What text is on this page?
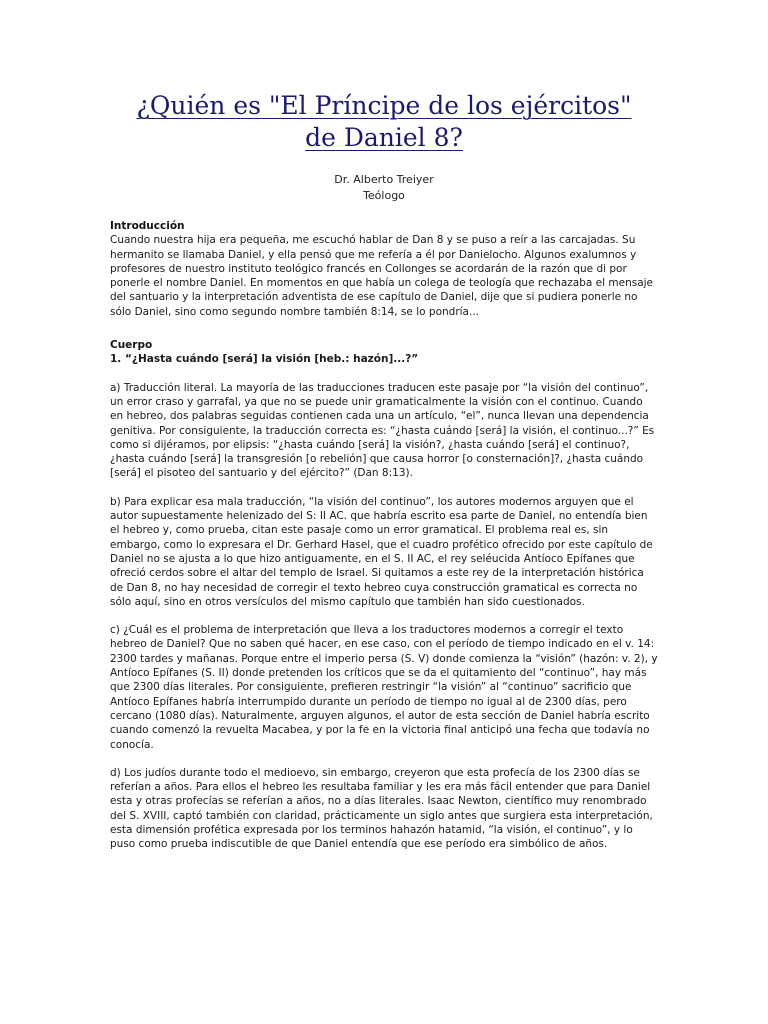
¿Quién es "El Príncipe de los ejércitos"
de Daniel 8?
Dr. Alberto Treiyer
Teólogo
Introducción
Cuando nuestra hija era pequeña, me escuchó hablar de Dan 8 y se puso a reír a las carcajadas. Su hermanito se llamaba Daniel, y ella pensó que me refería a él por Danielocho. Algunos exalumnos y profesores de nuestro instituto teológico francés en Collonges se acordarán de la razón que di por ponerle el nombre Daniel. En momentos en que había un colega de teología que rechazaba el mensaje del santuario y la interpretación adventista de ese capítulo de Daniel, dije que si pudiera ponerle no sólo Daniel, sino como segundo nombre también 8:14, se lo pondría...
Cuerpo
1. “¿Hasta cuándo [será] la visión [heb.: hazón]...?”

a) Traducción literal. La mayoría de las traducciones traducen este pasaje por “la visión del continuo”, un error craso y garrafal, ya que no se puede unir gramaticalmente la visión con el continuo. Cuando en hebreo, dos palabras seguidas contienen cada una un artículo, “el”, nunca llevan una dependencia genitiva. Por consiguiente, la traducción correcta es: “¿hasta cuándo [será] la visión, el continuo...?” Es como si dijéramos, por elipsis: “¿hasta cuándo [será] la visión?, ¿hasta cuándo [será] el continuo?, ¿hasta cuándo [será] la transgresión [o rebelión] que causa horror [o consternación]?, ¿hasta cuándo [será] el pisoteo del santuario y del ejército?” (Dan 8:13).

b) Para explicar esa mala traducción, “la visión del continuo”, los autores modernos arguyen que el autor supuestamente helenizado del S: II AC. que habría escrito esa parte de Daniel, no entendía bien el hebreo y, como prueba, citan este pasaje como un error gramatical. El problema real es, sin embargo, como lo expresara el Dr. Gerhard Hasel, que el cuadro profético ofrecido por este capítulo de Daniel no se ajusta a lo que hizo antiguamente, en el S. II AC, el rey seléucida Antíoco Epífanes que ofreció cerdos sobre el altar del templo de Israel. Si quitamos a este rey de la interpretación histórica de Dan 8, no hay necesidad de corregir el texto hebreo cuya construcción gramatical es correcta no sólo aquí, sino en otros versículos del mismo capítulo que también han sido cuestionados.

c) ¿Cuál es el problema de interpretación que lleva a los traductores modernos a corregir el texto hebreo de Daniel? Que no saben qué hacer, en ese caso, con el período de tiempo indicado en el v. 14: 2300 tardes y mañanas. Porque entre el imperio persa (S. V) donde comienza la “visión” (hazón: v. 2), y Antíoco Epífanes (S. II) donde pretenden los críticos que se da el quitamiento del “continuo”, hay más que 2300 días literales. Por consiguiente, prefieren restringir “la visión” al “continuo” sacrificio que Antíoco Epífanes habría interrumpido durante un período de tiempo no igual al de 2300 días, pero cercano (1080 días). Naturalmente, arguyen algunos, el autor de esta sección de Daniel habría escrito cuando comenzó la revuelta Macabea, y por la fe en la victoria final anticipó una fecha que todavía no conocía.

d) Los judíos durante todo el medioevo, sin embargo, creyeron que esta profecía de los 2300 días se referían a años. Para ellos el hebreo les resultaba familiar y les era más fácil entender que para Daniel esta y otras profecías se referían a años, no a días literales. Isaac Newton, científico muy renombrado del S. XVIII, captó también con claridad, prácticamente un siglo antes que surgiera esta interpretación, esta dimensión profética expresada por los terminos hahazón hatamid, “la visión, el continuo”, y lo puso como prueba indiscutible de que Daniel entendía que ese período era simbólico de años.
